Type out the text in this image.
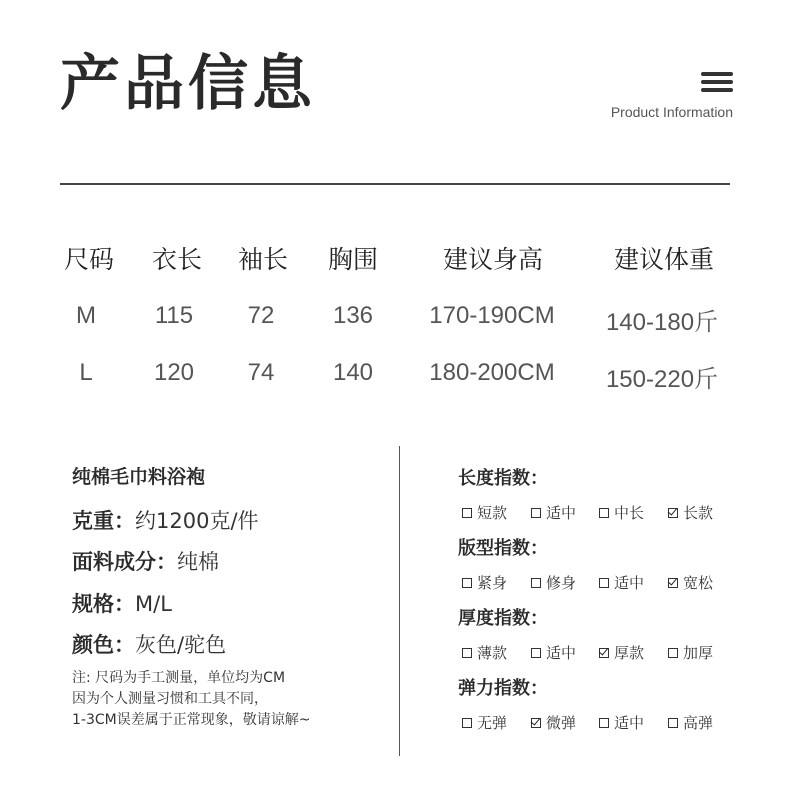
产品信息	Product Information
尺码 衣长 袖长 胸围	建议身高	建议体重
M 115 72 136 170-190CM 140-180斤
L	120 74 140 180-200CM 150-220斤
纯棉毛巾料浴袍
克重：约1200克/件
面料成分：纯棉
规格：M/L
颜色：灰色/驼色
注: 尺码为手工测量，单位均为CM
因为个人测量习惯和工具不同，
1-3CM误差属于正常现象，敬请谅解~
长度指数：
短款	适中	中长	长款
版型指数：
紧身	修身	适中	宽松
厚度指数：
薄款	适中	厚款	加厚
弹力指数：
无弹	微弹	适中	高弹
